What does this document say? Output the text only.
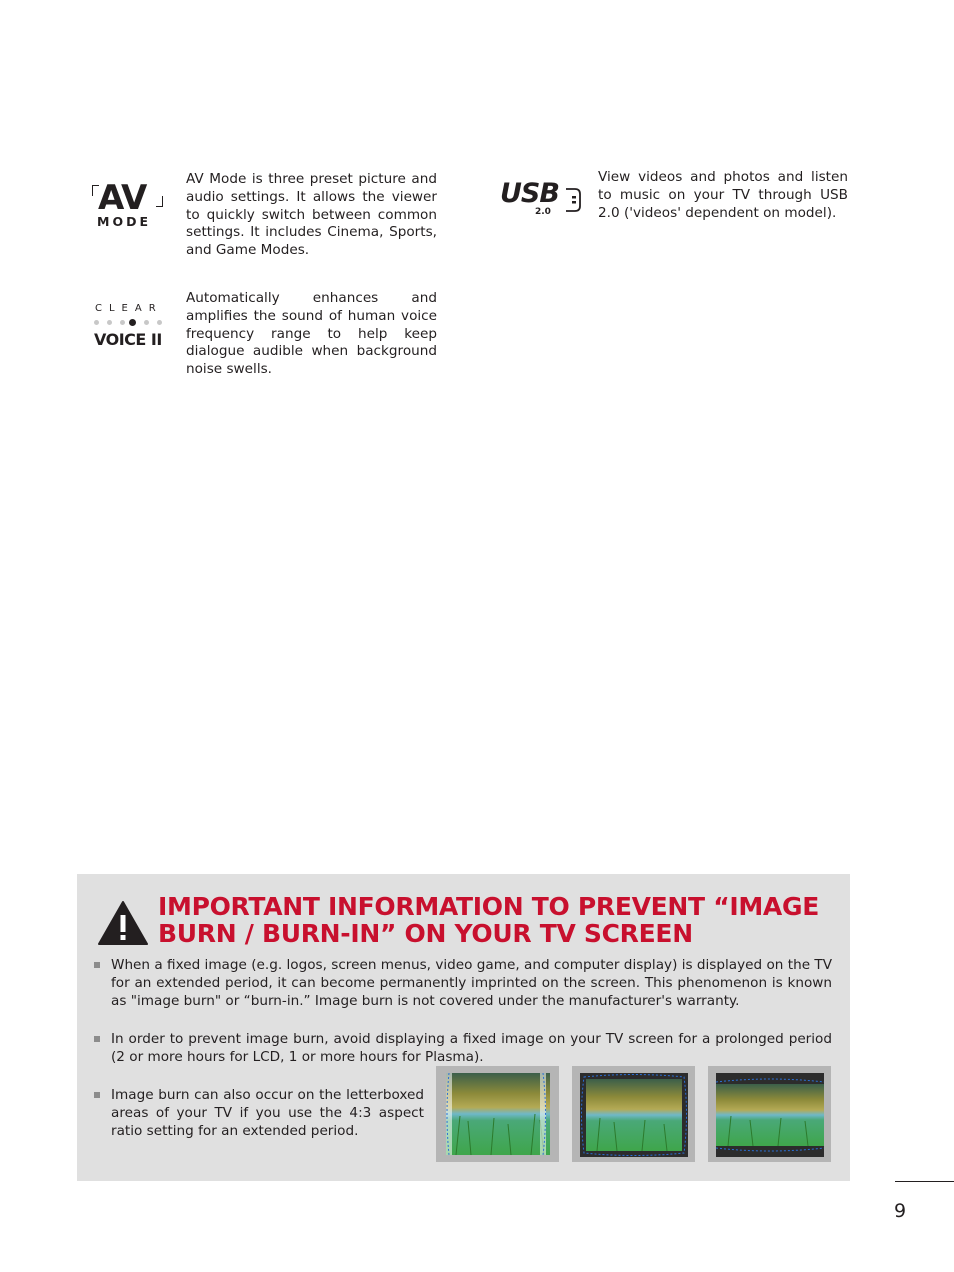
AV
MODE
AV Mode is three preset picture and audio settings. It allows the viewer to quickly switch between common settings. It includes Cinema, Sports, and Game Modes.
CLEAR
VOICE II
Automatically enhances and amplifies the sound of human voice frequency range to help keep dialogue audible when background noise swells.
USB
2.0
View videos and photos and listen to music on your TV through USB 2.0 ('videos' dependent on model).
IMPORTANT INFORMATION TO PREVENT “IMAGE BURN / BURN-IN” ON YOUR TV SCREEN
When a fixed image (e.g. logos, screen menus, video game, and computer display) is displayed on the TV for an extended period, it can become permanently imprinted on the screen. This phenomenon is known as "image burn" or “burn-in.” Image burn is not covered under the manufacturer's warranty.
In order to prevent image burn, avoid displaying a fixed image on your TV screen for a prolonged period (2 or more hours for LCD, 1 or more hours for Plasma).
Image burn can also occur on the letterboxed areas of your TV if you use the 4:3 aspect ratio setting for an extended period.
9
